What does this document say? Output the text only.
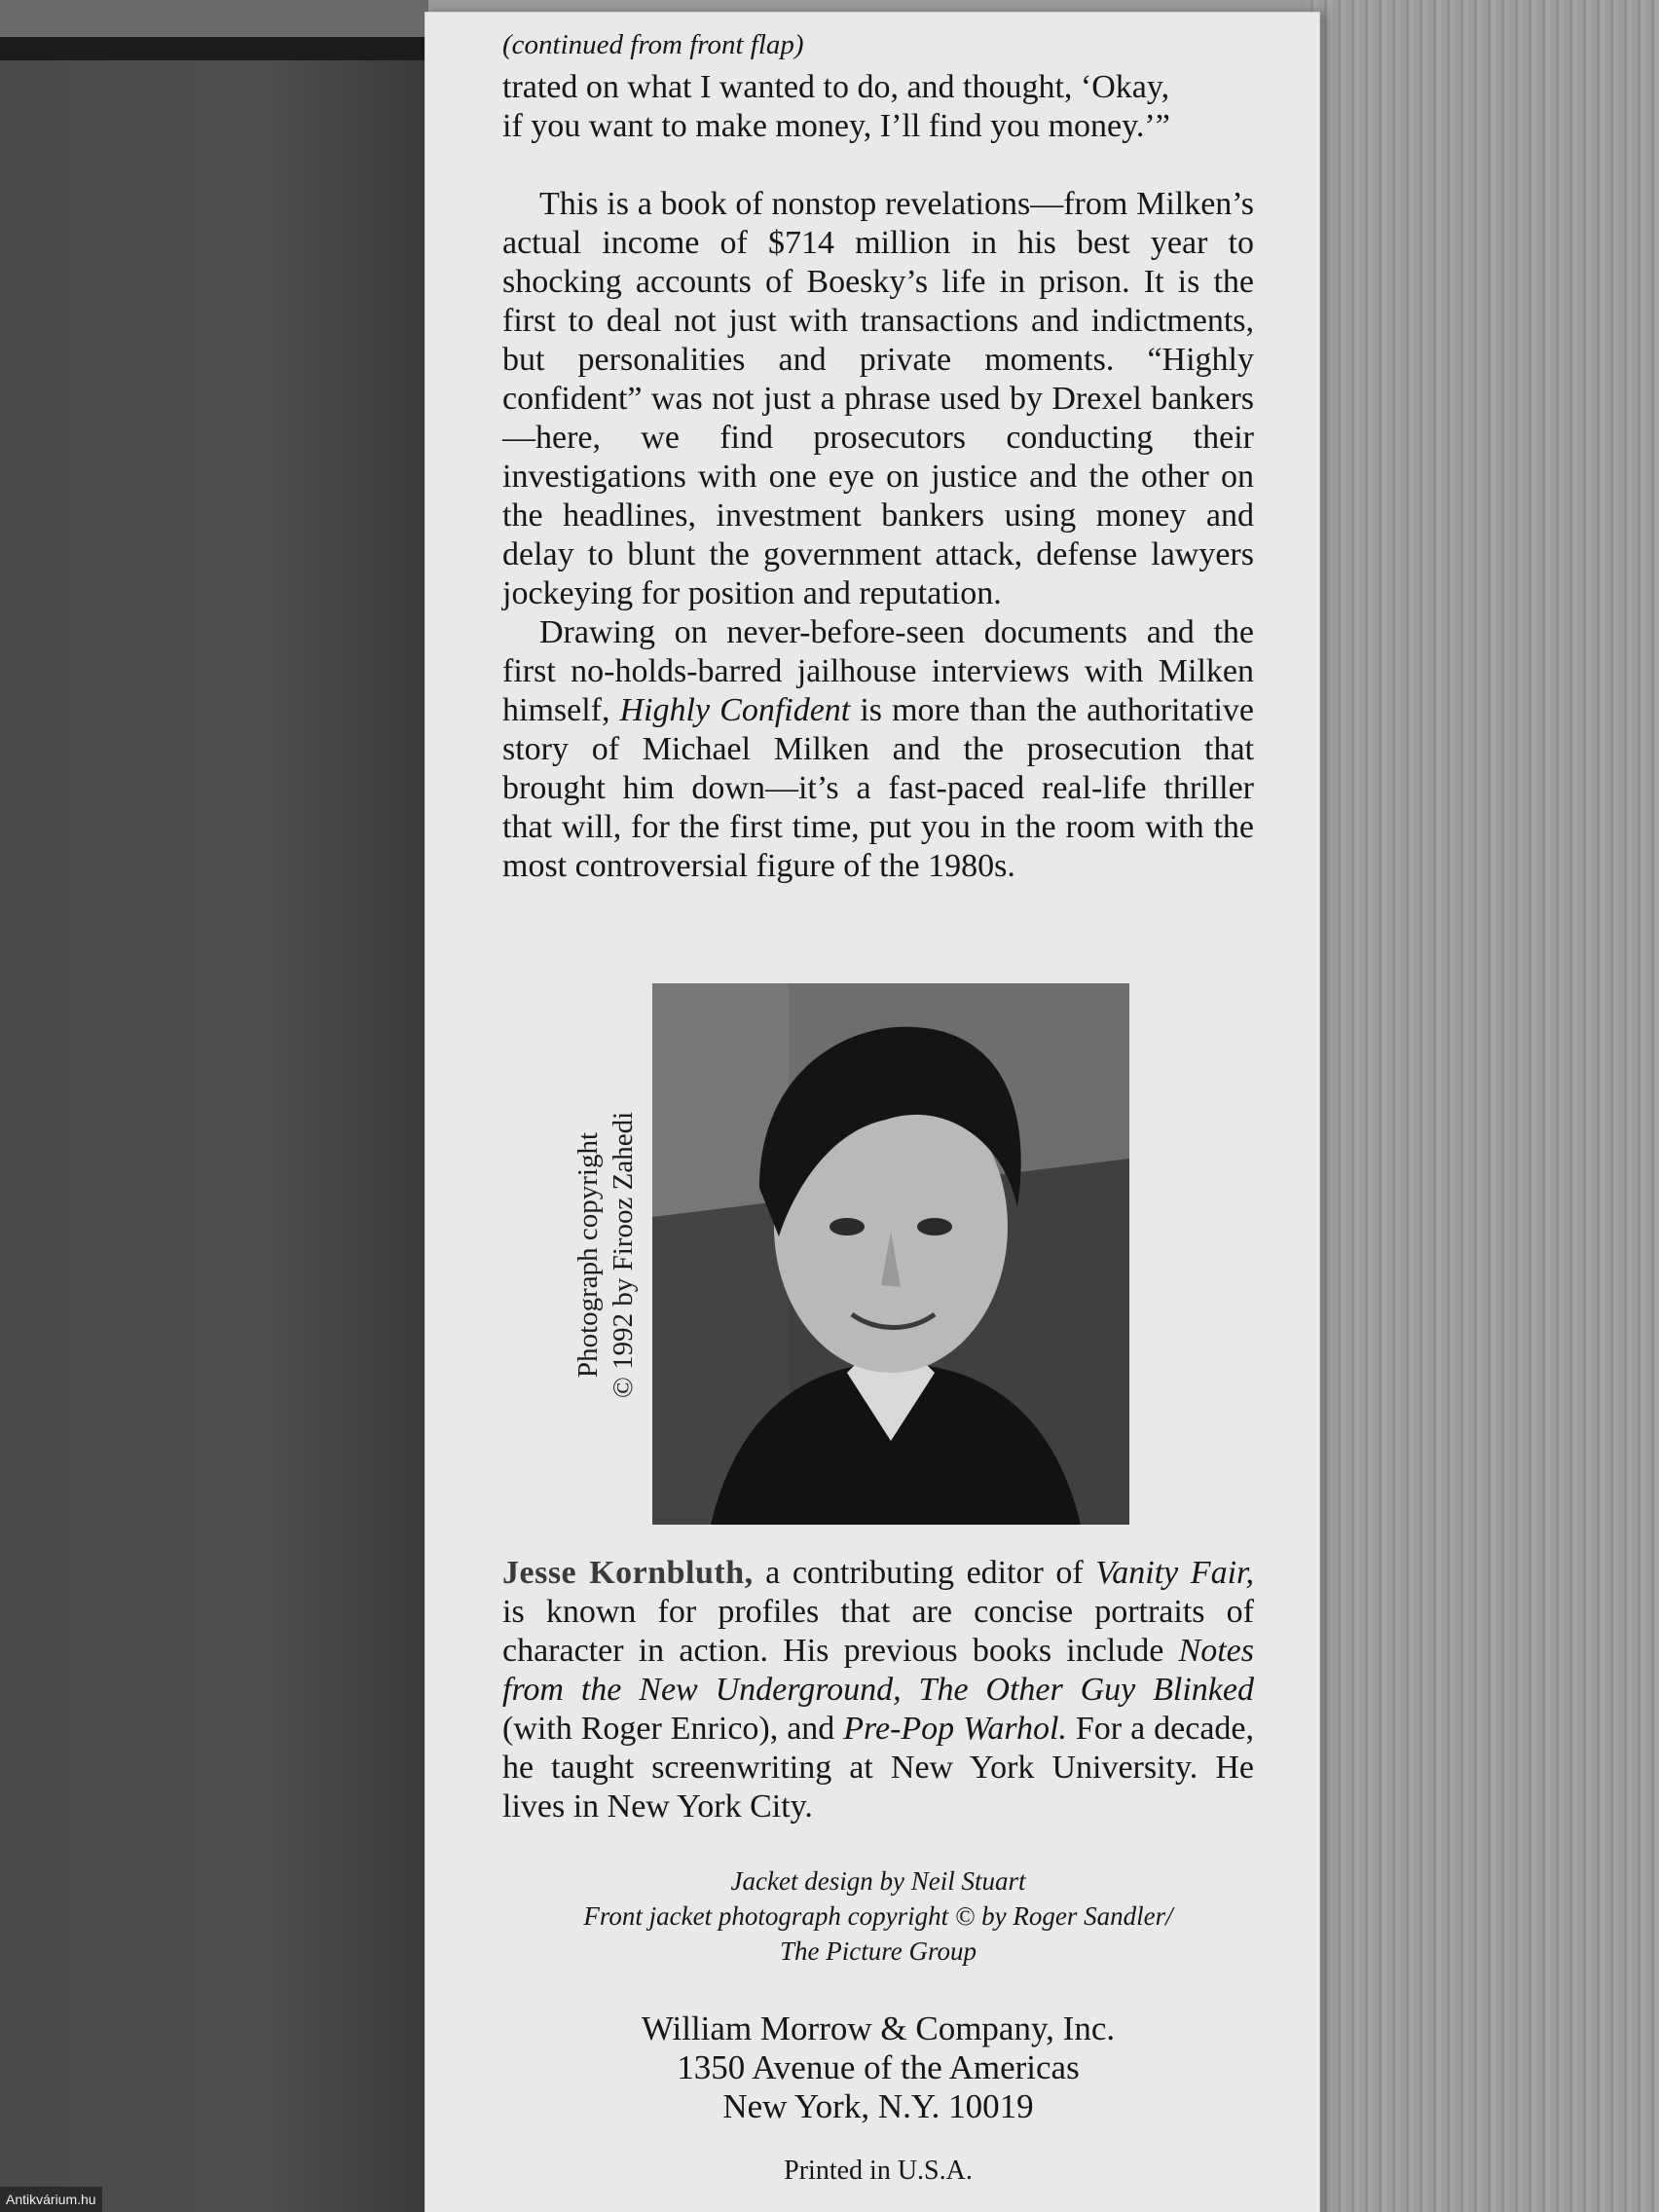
(continued from front flap)
trated on what I wanted to do, and thought, ‘Okay,
if you want to make money, I’ll find you money.’”

This is a book of nonstop revelations—from Milken’s actual income of $714 million in his best year to shocking accounts of Boesky’s life in prison. It is the first to deal not just with transactions and indictments, but personalities and private moments. “Highly confident” was not just a phrase used by Drexel bankers—here, we find prosecutors conducting their investigations with one eye on justice and the other on the headlines, investment bankers using money and delay to blunt the government attack, defense lawyers jockeying for position and reputation.

Drawing on never-before-seen documents and the first no-holds-barred jailhouse interviews with Milken himself, Highly Confident is more than the authoritative story of Michael Milken and the prosecution that brought him down—it’s a fast-paced real-life thriller that will, for the first time, put you in the room with the most controversial figure of the 1980s.

Photograph copyright © 1992 by Firooz Zahedi
Jesse Kornbluth, a contributing editor of Vanity Fair, is known for profiles that are concise portraits of character in action. His previous books include Notes from the New Underground, The Other Guy Blinked (with Roger Enrico), and Pre-Pop Warhol. For a decade, he taught screenwriting at New York University. He lives in New York City.
Jacket design by Neil Stuart
Front jacket photograph copyright © by Roger Sandler/
The Picture Group
William Morrow & Company, Inc.
1350 Avenue of the Americas
New York, N.Y. 10019
Printed in U.S.A.
Antikvárium.hu
